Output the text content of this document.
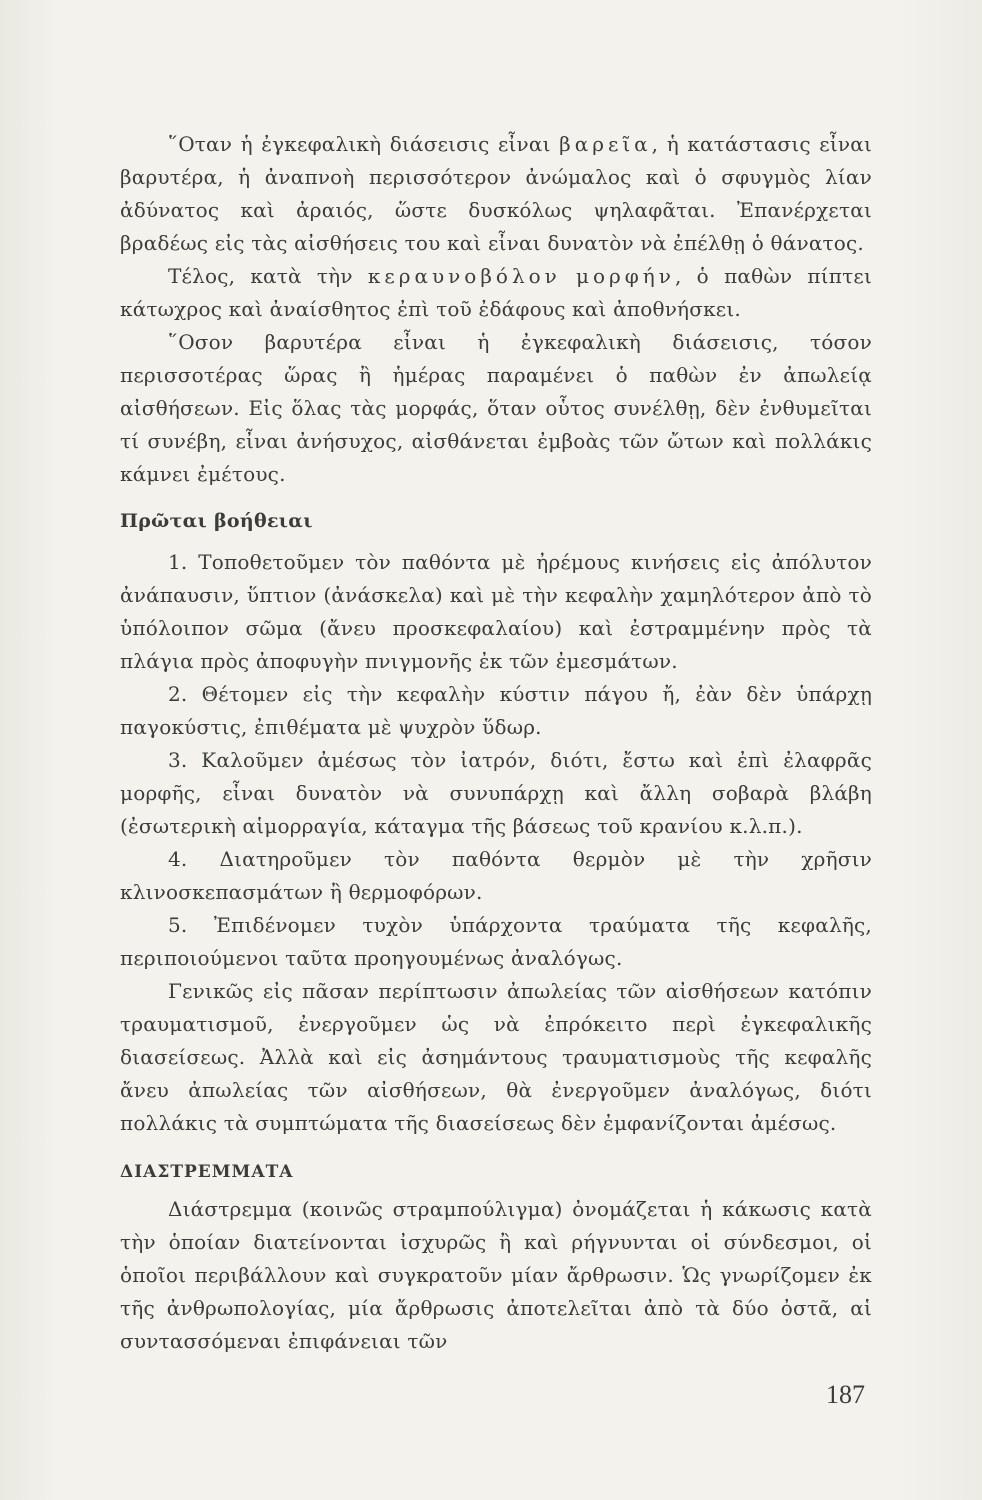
῞Οταν ἡ ἐγκεφαλικὴ διάσεισις εἶναι βαρεῖα, ἡ κατάστασις εἶναι βαρυτέρα, ἡ ἀναπνοὴ περισσότερον ἀνώμαλος καὶ ὁ σφυγμὸς λίαν ἀδύνατος καὶ ἀραιός, ὥστε δυσκόλως ψηλαφᾶται. Ἐπανέρχεται βραδέως εἰς τὰς αἰσθήσεις του καὶ εἶναι δυνατὸν νὰ ἐπέλθῃ ὁ θάνατος.

Τέλος, κατὰ τὴν κεραυνοβόλον μορφήν, ὁ παθὼν πίπτει κάτωχρος καὶ ἀναίσθητος ἐπὶ τοῦ ἐδάφους καὶ ἀποθνήσκει.

῞Οσον βαρυτέρα εἶναι ἡ ἐγκεφαλικὴ διάσεισις, τόσον περισσοτέρας ὥρας ἢ ἡμέρας παραμένει ὁ παθὼν ἐν ἀπωλείᾳ αἰσθήσεων. Εἰς ὅλας τὰς μορφάς, ὅταν οὗτος συνέλθῃ, δὲν ἐνθυμεῖται τί συνέβη, εἶναι ἀνήσυχος, αἰσθάνεται ἐμβοὰς τῶν ὤτων καὶ πολλάκις κάμνει ἐμέτους.

Πρῶται βοήθειαι

1. Τοποθετοῦμεν τὸν παθόντα μὲ ἠρέμους κινήσεις εἰς ἀπόλυτον ἀνάπαυσιν, ὕπτιον (ἀνάσκελα) καὶ μὲ τὴν κεφαλὴν χαμηλότερον ἀπὸ τὸ ὑπόλοιπον σῶμα (ἄνευ προσκεφαλαίου) καὶ ἐστραμμένην πρὸς τὰ πλάγια πρὸς ἀποφυγὴν πνιγμονῆς ἐκ τῶν ἐμεσμάτων.

2. Θέτομεν εἰς τὴν κεφαλὴν κύστιν πάγου ἤ, ἐὰν δὲν ὑπάρχῃ παγοκύστις, ἐπιθέματα μὲ ψυχρὸν ὕδωρ.

3. Καλοῦμεν ἀμέσως τὸν ἰατρόν, διότι, ἔστω καὶ ἐπὶ ἐλαφρᾶς μορφῆς, εἶναι δυνατὸν νὰ συνυπάρχῃ καὶ ἄλλη σοβαρὰ βλάβη (ἐσωτερικὴ αἱμορραγία, κάταγμα τῆς βάσεως τοῦ κρανίου κ.λ.π.).

4. Διατηροῦμεν τὸν παθόντα θερμὸν μὲ τὴν χρῆσιν κλινοσκεπασμάτων ἢ θερμοφόρων.

5. Ἐπιδένομεν τυχὸν ὑπάρχοντα τραύματα τῆς κεφαλῆς, περιποιούμενοι ταῦτα προηγουμένως ἀναλόγως.

Γενικῶς εἰς πᾶσαν περίπτωσιν ἀπωλείας τῶν αἰσθήσεων κατόπιν τραυματισμοῦ, ἐνεργοῦμεν ὡς νὰ ἐπρόκειτο περὶ ἐγκεφαλικῆς διασείσεως. Ἀλλὰ καὶ εἰς ἀσημάντους τραυματισμοὺς τῆς κεφαλῆς ἄνευ ἀπωλείας τῶν αἰσθήσεων, θὰ ἐνεργοῦμεν ἀναλόγως, διότι πολλάκις τὰ συμπτώματα τῆς διασείσεως δὲν ἐμφανίζονται ἀμέσως.

ΔΙΑΣΤΡΕΜΜΑΤΑ

Διάστρεμμα (κοινῶς στραμπούλιγμα) ὀνομάζεται ἡ κάκωσις κατὰ τὴν ὁποίαν διατείνονται ἰσχυρῶς ἢ καὶ ρήγνυνται οἱ σύνδεσμοι, οἱ ὁποῖοι περιβάλλουν καὶ συγκρατοῦν μίαν ἄρθρωσιν. Ὡς γνωρίζομεν ἐκ τῆς ἀνθρωπολογίας, μία ἄρθρωσις ἀποτελεῖται ἀπὸ τὰ δύο ὀστᾶ, αἱ συντασσόμεναι ἐπιφάνειαι τῶν

187
